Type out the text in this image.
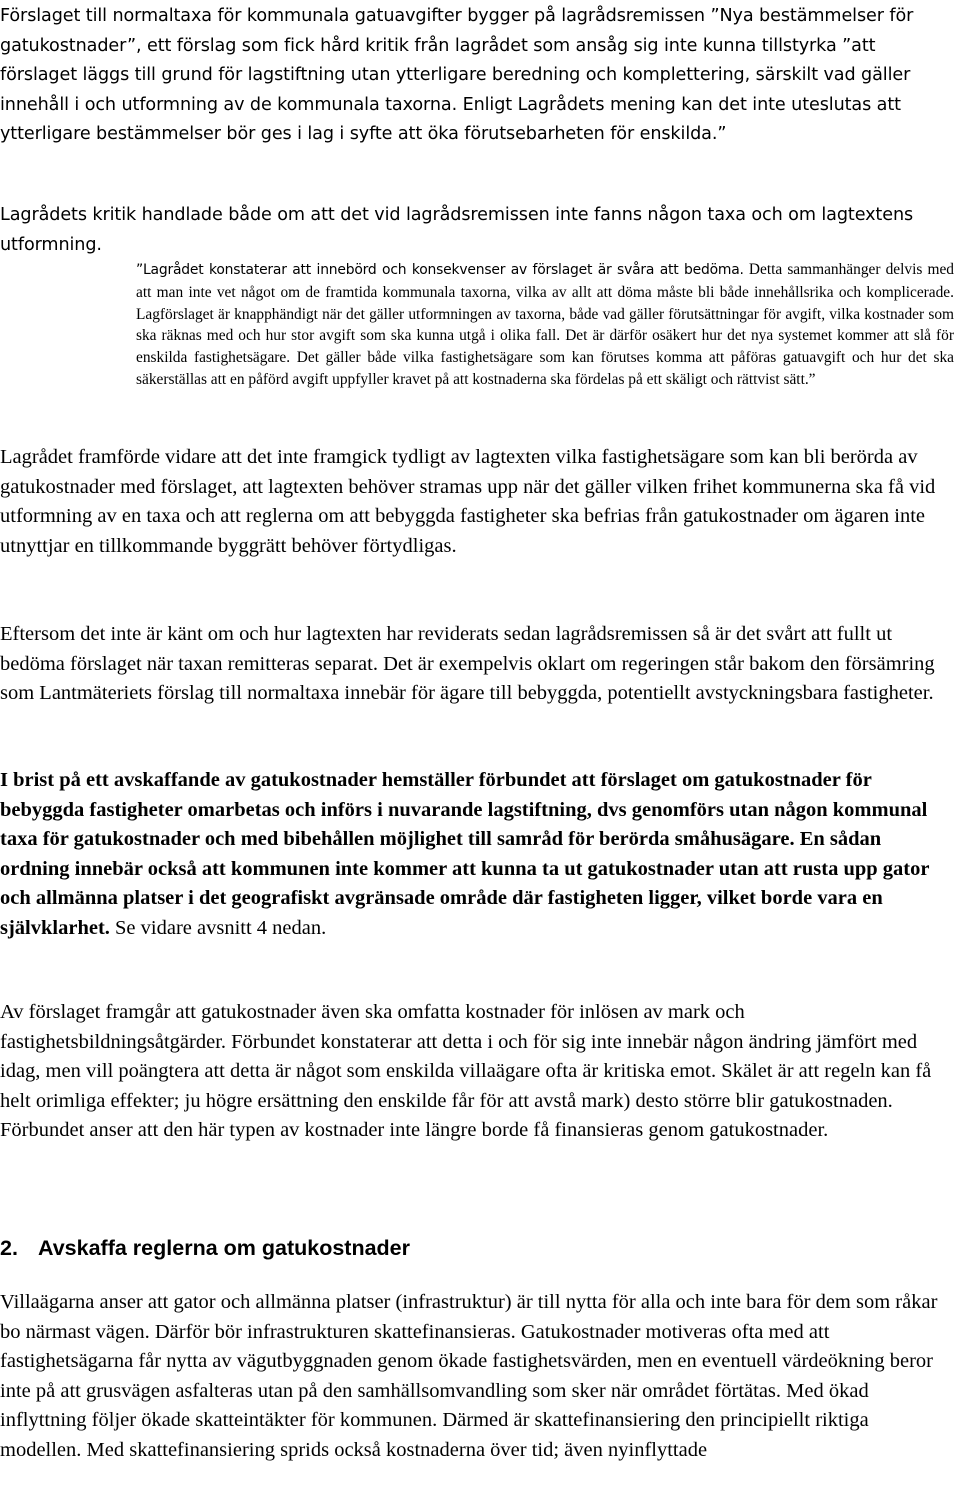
Förslaget till normaltaxa för kommunala gatuavgifter bygger på lagrådsremissen ”Nya bestämmelser för gatukostnader”, ett förslag som fick hård kritik från lagrådet som ansåg sig inte kunna tillstyrka ”att förslaget läggs till grund för lagstiftning utan ytterligare beredning och komplettering, särskilt vad gäller innehåll i och utformning av de kommunala taxorna. Enligt Lagrådets mening kan det inte uteslutas att ytterligare bestämmelser bör ges i lag i syfte att öka förutsebarheten för enskilda.”

Lagrådets kritik handlade både om att det vid lagrådsremissen inte fanns någon taxa och om lagtextens utformning.

”Lagrådet konstaterar att innebörd och konsekvenser av förslaget är svåra att bedöma. Detta sammanhänger delvis med att man inte vet något om de framtida kommunala taxorna, vilka av allt att döma måste bli både innehållsrika och komplicerade. Lagförslaget är knapphändigt när det gäller utformningen av taxorna, både vad gäller förutsättningar för avgift, vilka kostnader som ska räknas med och hur stor avgift som ska kunna utgå i olika fall. Det är därför osäkert hur det nya systemet kommer att slå för enskilda fastighetsägare. Det gäller både vilka fastighetsägare som kan förutses komma att påföras gatuavgift och hur det ska säkerställas att en påförd avgift uppfyller kravet på att kostnaderna ska fördelas på ett skäligt och rättvist sätt.”

Lagrådet framförde vidare att det inte framgick tydligt av lagtexten vilka fastighetsägare som kan bli berörda av gatukostnader med förslaget, att lagtexten behöver stramas upp när det gäller vilken frihet kommunerna ska få vid utformning av en taxa och att reglerna om att bebyggda fastigheter ska befrias från gatukostnader om ägaren inte utnyttjar en tillkommande byggrätt behöver förtydligas.

Eftersom det inte är känt om och hur lagtexten har reviderats sedan lagrådsremissen så är det svårt att fullt ut bedöma förslaget när taxan remitteras separat. Det är exempelvis oklart om regeringen står bakom den försämring som Lantmäteriets förslag till normaltaxa innebär för ägare till bebyggda, potentiellt avstyckningsbara fastigheter.

I brist på ett avskaffande av gatukostnader hemställer förbundet att förslaget om gatukostnader för bebyggda fastigheter omarbetas och införs i nuvarande lagstiftning, dvs genomförs utan någon kommunal taxa för gatukostnader och med bibehållen möjlighet till samråd för berörda småhusägare. En sådan ordning innebär också att kommunen inte kommer att kunna ta ut gatukostnader utan att rusta upp gator och allmänna platser i det geografiskt avgränsade område där fastigheten ligger, vilket borde vara en självklarhet. Se vidare avsnitt 4 nedan.

Av förslaget framgår att gatukostnader även ska omfatta kostnader för inlösen av mark och fastighetsbildningsåtgärder. Förbundet konstaterar att detta i och för sig inte innebär någon ändring jämfört med idag, men vill poängtera att detta är något som enskilda villaägare ofta är kritiska emot. Skälet är att regeln kan få helt orimliga effekter; ju högre ersättning den enskilde får för att avstå mark) desto större blir gatukostnaden. Förbundet anser att den här typen av kostnader inte längre borde få finansieras genom gatukostnader.

2. Avskaffa reglerna om gatukostnader

Villaägarna anser att gator och allmänna platser (infrastruktur) är till nytta för alla och inte bara för dem som råkar bo närmast vägen. Därför bör infrastrukturen skattefinansieras. Gatukostnader motiveras ofta med att fastighetsägarna får nytta av vägutbyggnaden genom ökade fastighetsvärden, men en eventuell värdeökning beror inte på att grusvägen asfalteras utan på den samhällsomvandling som sker när området förtätas. Med ökad inflyttning följer ökade skatteintäkter för kommunen. Därmed är skattefinansiering den principiellt riktiga modellen. Med skattefinansiering sprids också kostnaderna över tid; även nyinflyttade
